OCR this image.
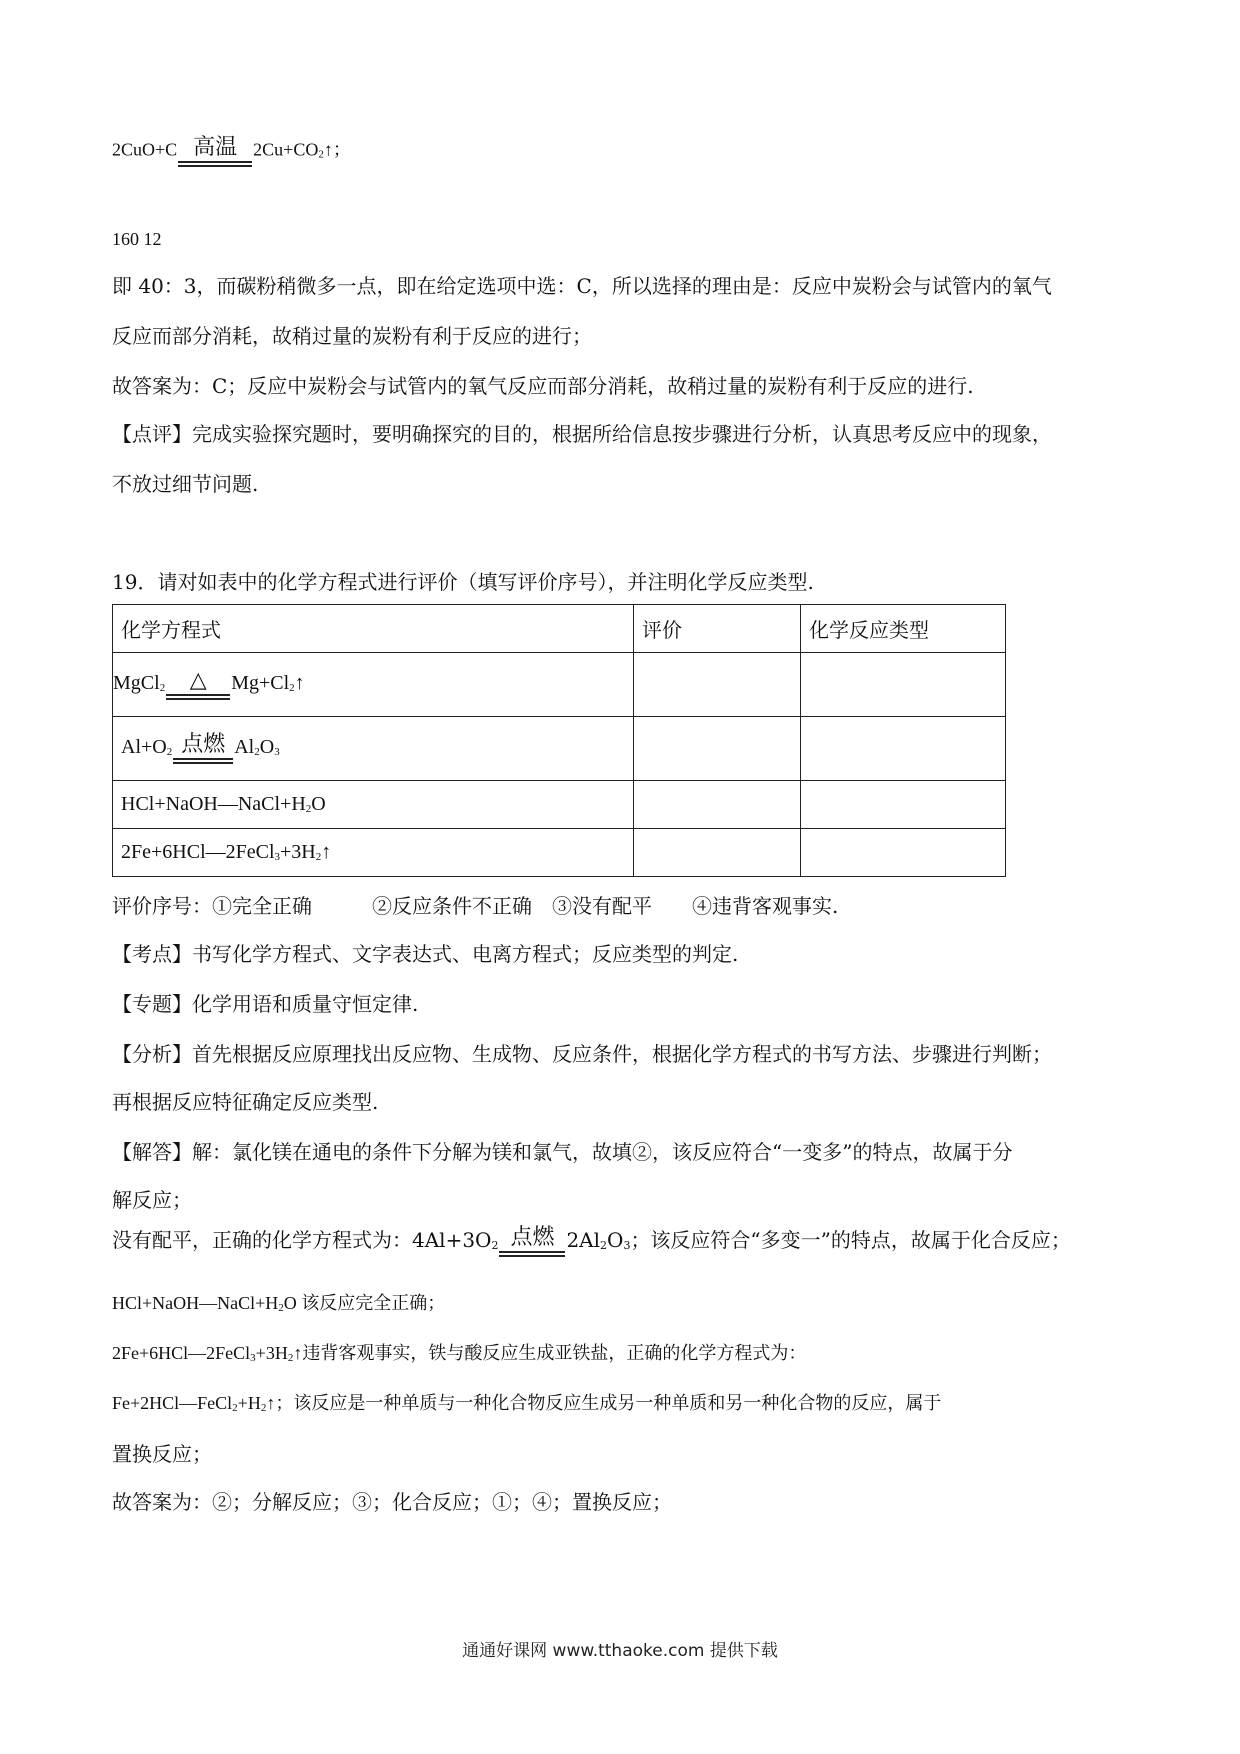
2CuO+C 高温 $2Cu+CO_2↑$；
160 12
即 40：3，而碳粉稍微多一点，即在给定选项中选：C，所以选择的理由是：反应中炭粉会与试管内的氧气
反应而部分消耗，故稍过量的炭粉有利于反应的进行；
故答案为：C；反应中炭粉会与试管内的氧气反应而部分消耗，故稍过量的炭粉有利于反应的进行.
【点评】完成实验探究题时，要明确探究的目的，根据所给信息按步骤进行分析，认真思考反应中的现象，
不放过细节问题.
19．请对如表中的化学方程式进行评价（填写评价序号），并注明化学反应类型.
化学方程式	评价	化学反应类型
MgCl$_2$ △ $Mg+Cl_2↑$		
$Al+O_2$ 点燃 $Al_2O_3$		
$HCl+NaOH—NaCl+H_2O$		
$2Fe+6HCl—2FeCl_3+3H_2↑$		
评价序号：①完全正确　　　②反应条件不正确　③没有配平　　④违背客观事实.
【考点】书写化学方程式、文字表达式、电离方程式；反应类型的判定.
【专题】化学用语和质量守恒定律.
【分析】首先根据反应原理找出反应物、生成物、反应条件，根据化学方程式的书写方法、步骤进行判断；
再根据反应特征确定反应类型.
【解答】解：氯化镁在通电的条件下分解为镁和氯气，故填②，该反应符合“一变多”的特点，故属于分
解反应；
没有配平，正确的化学方程式为：$4Al+3O_2$ 点燃 $2Al_2O_3$；该反应符合“多变一”的特点，故属于化合反应；
$HCl+NaOH—NaCl+H_2O$ 该反应完全正确；
$2Fe+6HCl—2FeCl_3+3H_2↑$违背客观事实，铁与酸反应生成亚铁盐，正确的化学方程式为：
$Fe+2HCl—FeCl_2+H_2↑$；该反应是一种单质与一种化合物反应生成另一种单质和另一种化合物的反应，属于
置换反应；
故答案为：②；分解反应；③；化合反应；①；④；置换反应；
通通好课网 www.tthaoke.com 提供下载
